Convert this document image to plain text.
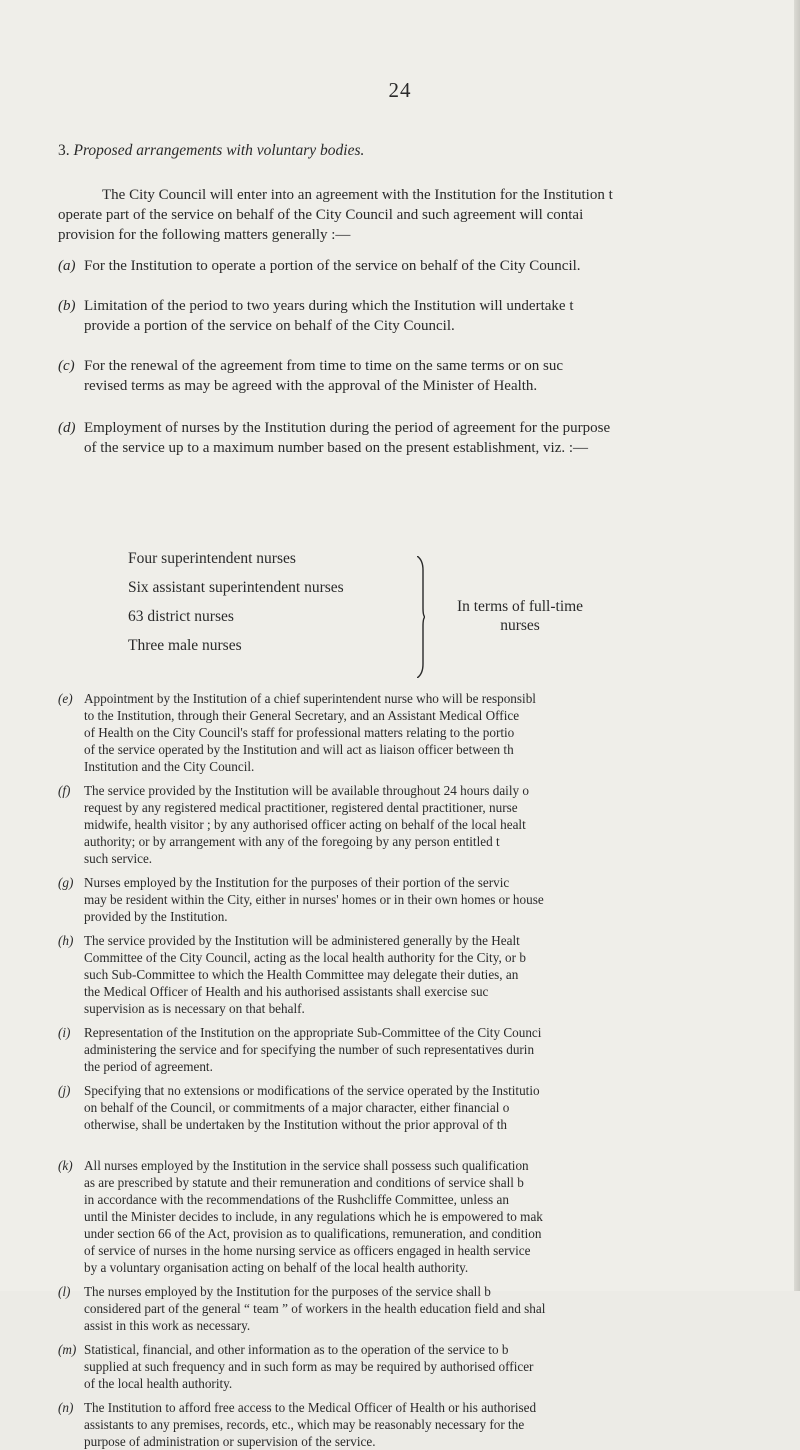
24
3. Proposed arrangements with voluntary bodies.
The City Council will enter into an agreement with the Institution for the Institution t
operate part of the service on behalf of the City Council and such agreement will contai
provision for the following matters generally :—
(a) For the Institution to operate a portion of the service on behalf of the City Council.
(b) Limitation of the period to two years during which the Institution will undertake t
provide a portion of the service on behalf of the City Council.
(c) For the renewal of the agreement from time to time on the same terms or on suc
revised terms as may be agreed with the approval of the Minister of Health.
(d) Employment of nurses by the Institution during the period of agreement for the purpose
of the service up to a maximum number based on the present establishment, viz. :—
Four superintendent nurses
Six assistant superintendent nurses
63 district nurses
Three male nurses
In terms of full-time nurses
(e) Appointment by the Institution of a chief superintendent nurse who will be responsibl
to the Institution, through their General Secretary, and an Assistant Medical Office
of Health on the City Council's staff for professional matters relating to the portio
of the service operated by the Institution and will act as liaison officer between th
Institution and the City Council.
(f) The service provided by the Institution will be available throughout 24 hours daily o
request by any registered medical practitioner, registered dental practitioner, nurse
midwife, health visitor ; by any authorised officer acting on behalf of the local healt
authority; or by arrangement with any of the foregoing by any person entitled t
such service.
(g) Nurses employed by the Institution for the purposes of their portion of the servic
may be resident within the City, either in nurses' homes or in their own homes or house
provided by the Institution.
(h) The service provided by the Institution will be administered generally by the Healt
Committee of the City Council, acting as the local health authority for the City, or b
such Sub-Committee to which the Health Committee may delegate their duties, an
the Medical Officer of Health and his authorised assistants shall exercise suc
supervision as is necessary on that behalf.
(i) Representation of the Institution on the appropriate Sub-Committee of the City Counci
administering the service and for specifying the number of such representatives durin
the period of agreement.
(j) Specifying that no extensions or modifications of the service operated by the Institutio
on behalf of the Council, or commitments of a major character, either financial o
otherwise, shall be undertaken by the Institution without the prior approval of th
(k) All nurses employed by the Institution in the service shall possess such qualification
as are prescribed by statute and their remuneration and conditions of service shall b
in accordance with the recommendations of the Rushcliffe Committee, unless an
until the Minister decides to include, in any regulations which he is empowered to mak
under section 66 of the Act, provision as to qualifications, remuneration, and condition
of service of nurses in the home nursing service as officers engaged in health service
by a voluntary organisation acting on behalf of the local health authority.
(l) The nurses employed by the Institution for the purposes of the service shall b
considered part of the general “ team ” of workers in the health education field and shal
assist in this work as necessary.
(m) Statistical, financial, and other information as to the operation of the service to b
supplied at such frequency and in such form as may be required by authorised officer
of the local health authority.
(n) The Institution to afford free access to the Medical Officer of Health or his authorised
assistants to any premises, records, etc., which may be reasonably necessary for the
purpose of administration or supervision of the service.
